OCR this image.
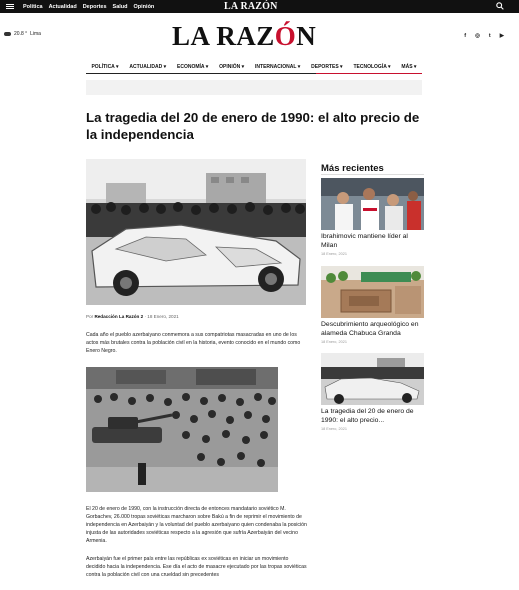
Política Actualidad Deportes Salud Opinión	LA RAZÓN
20.8 ° Lima	LA RAZÓN	f ◎ t ▶
POLÍTICA ▾ ACTUALIDAD ▾ ECONOMÍA ▾ OPINIÓN ▾ INTERNACIONAL ▾ DEPORTES ▾ TECNOLOGÍA ▾ MÁS ▾
La tragedia del 20 de enero de 1990: el alto precio de la independencia
Por Redacción La Razón 2 · 18 Enero, 2021

Cada año el pueblo azerbaiyano conmemora a sus compatriotas masacradas en uno de los actos más brutales contra la población civil en la historia, evento conocido en el mundo como Enero Negro.

El 20 de enero de 1990, con la instrucción directa de entonces mandatario soviético M. Gorbachev, 26.000 tropas soviéticas marcharon sobre Bakú a fin de reprimir el movimiento de independencia en Azerbaiyán y la voluntad del pueblo azerbaiyano quien condenaba la posición injusta de las autoridades soviéticas respecto a la agresión que sufría Azerbaiyán del vecino Armenia.

Azerbaiyán fue el primer país entre las repúblicas ex soviéticas en iniciar un movimiento decidido hacia la independencia. Ese día el acto de masacre ejecutado por las tropas soviéticas contra la población civil con una crueldad sin precedentes

Más recientes
Ibrahimovic mantiene líder al Milan
18 Enero, 2021
Descubrimiento arqueológico en alameda Chabuca Granda
18 Enero, 2021
La tragedia del 20 de enero de 1990: el alto precio...
18 Enero, 2021
